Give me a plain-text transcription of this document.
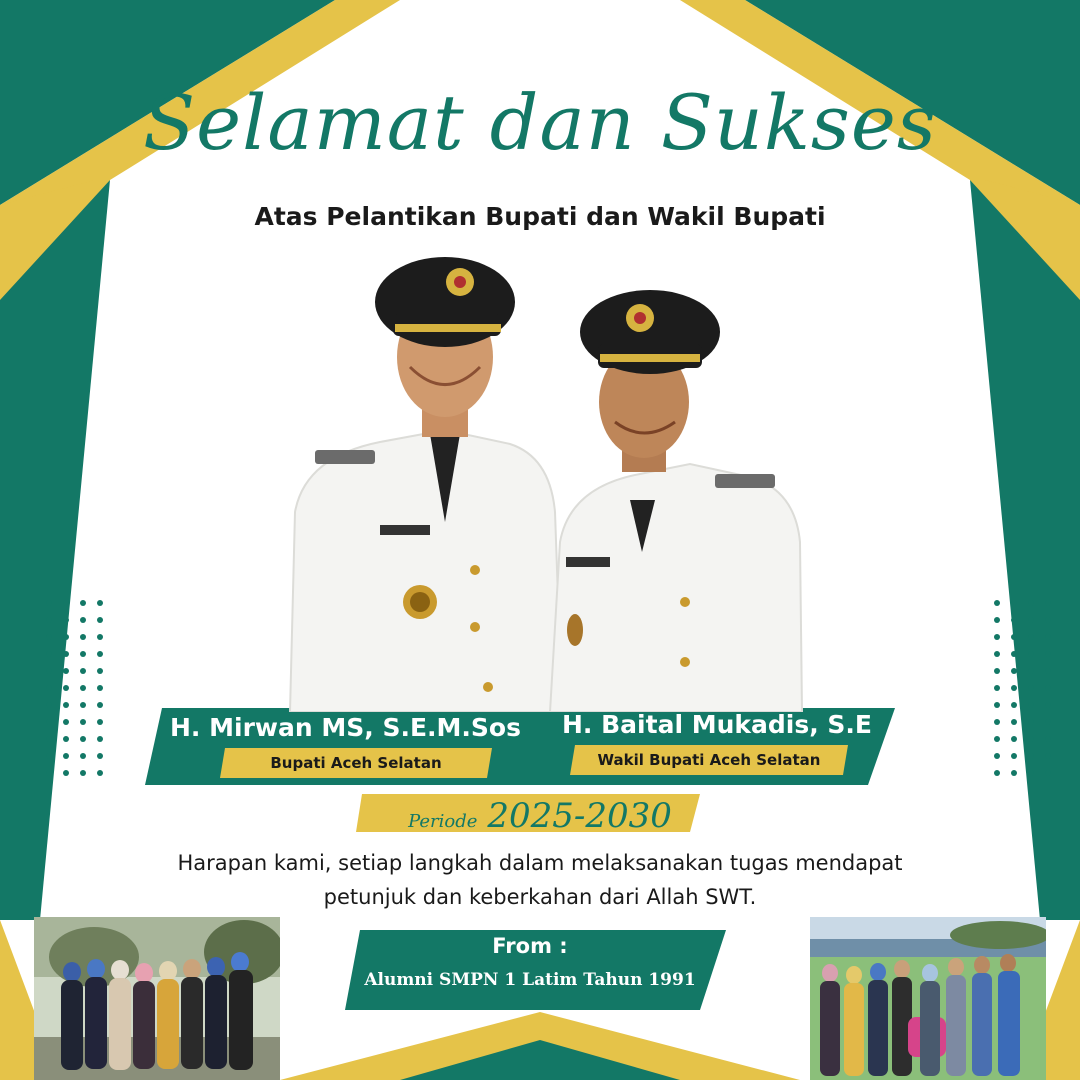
Selamat dan Sukses
Atas Pelantikan Bupati dan Wakil Bupati
H. Mirwan MS, S.E.M.Sos
Bupati Aceh Selatan
H. Baital Mukadis, S.E
Wakil Bupati Aceh Selatan
Periode 2025-2030
Harapan kami, setiap langkah dalam melaksanakan tugas mendapat
petunjuk dan keberkahan dari Allah SWT.
From :
Alumni SMPN 1 Latim Tahun 1991
